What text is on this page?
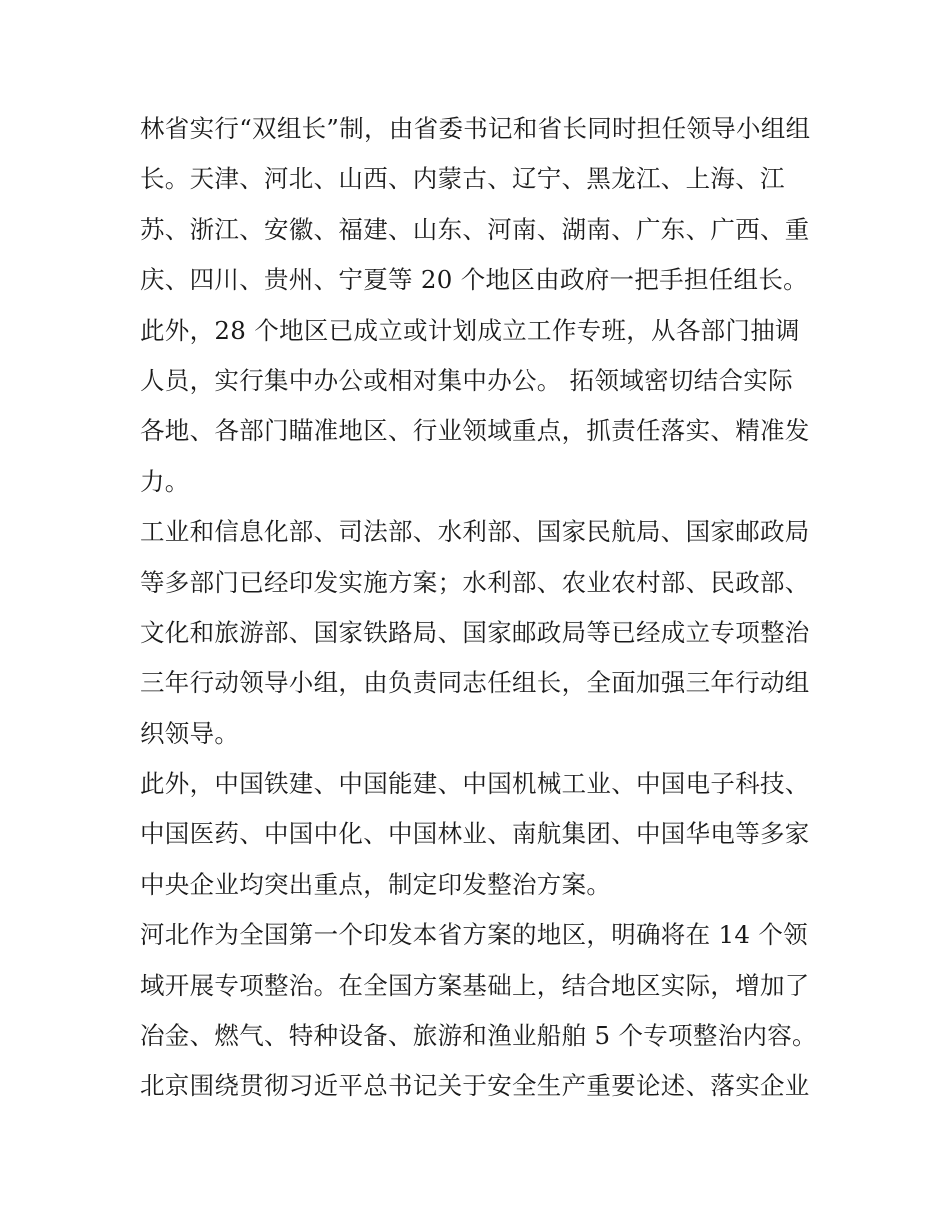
林省实行“双组长”制，由省委书记和省长同时担任领导小组组
长。天津、河北、山西、内蒙古、辽宁、黑龙江、上海、江
苏、浙江、安徽、福建、山东、河南、湖南、广东、广西、重
庆、四川、贵州、宁夏等 20 个地区由政府一把手担任组长。
此外，28 个地区已成立或计划成立工作专班，从各部门抽调
人员，实行集中办公或相对集中办公。 拓领域密切结合实际
各地、各部门瞄准地区、行业领域重点，抓责任落实、精准发
力。
工业和信息化部、司法部、水利部、国家民航局、国家邮政局
等多部门已经印发实施方案；水利部、农业农村部、民政部、
文化和旅游部、国家铁路局、国家邮政局等已经成立专项整治
三年行动领导小组，由负责同志任组长，全面加强三年行动组
织领导。
此外，中国铁建、中国能建、中国机械工业、中国电子科技、
中国医药、中国中化、中国林业、南航集团、中国华电等多家
中央企业均突出重点，制定印发整治方案。
河北作为全国第一个印发本省方案的地区，明确将在 14 个领
域开展专项整治。在全国方案基础上，结合地区实际，增加了
冶金、燃气、特种设备、旅游和渔业船舶 5 个专项整治内容。
北京围绕贯彻习近平总书记关于安全生产重要论述、落实企业
